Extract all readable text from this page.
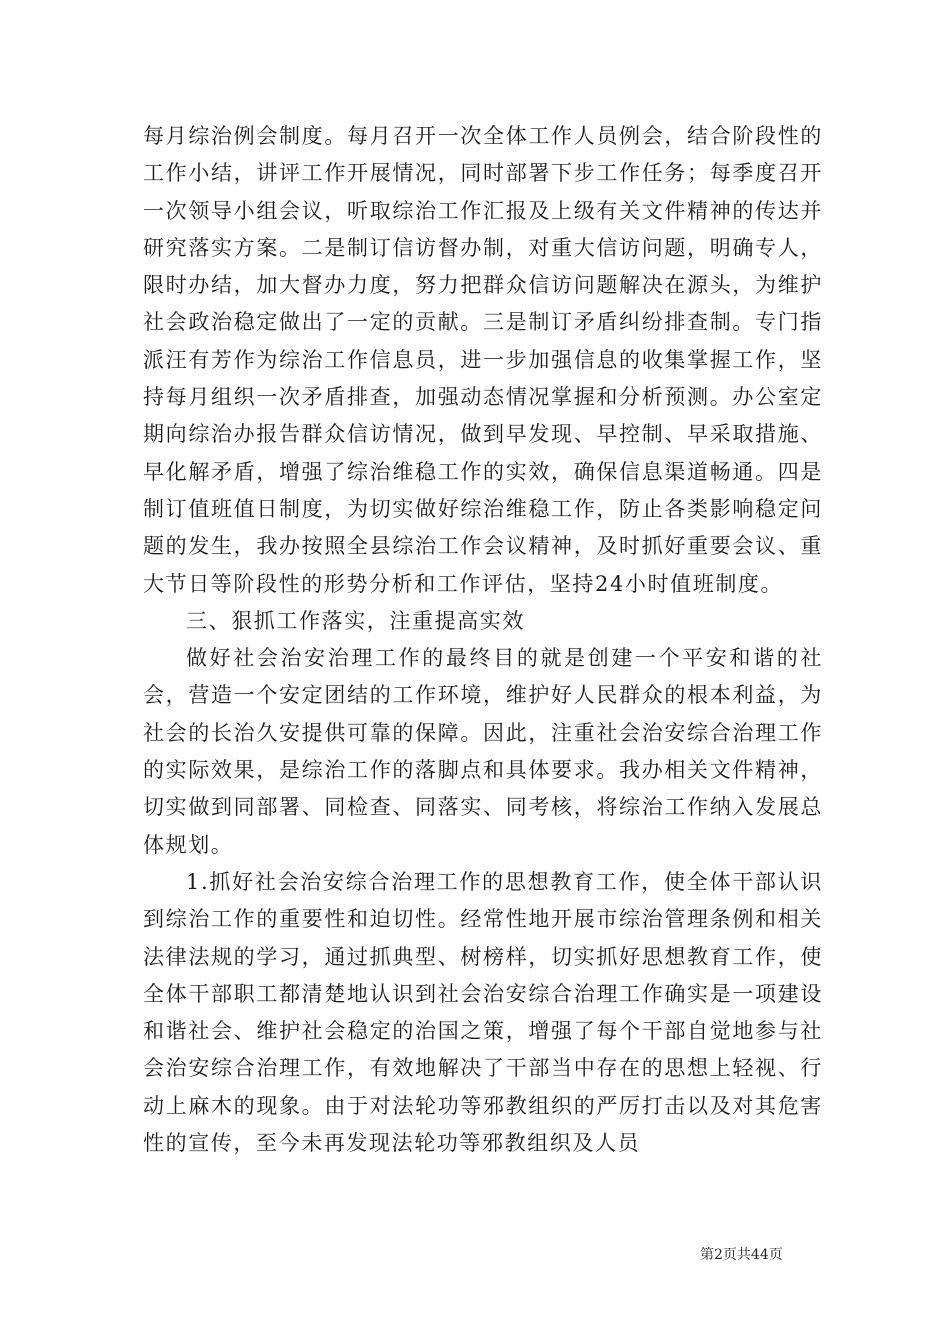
每月综治例会制度。每月召开一次全体工作人员例会，结合阶段性的工作小结，讲评工作开展情况，同时部署下步工作任务；每季度召开一次领导小组会议，听取综治工作汇报及上级有关文件精神的传达并研究落实方案。二是制订信访督办制，对重大信访问题，明确专人，限时办结，加大督办力度，努力把群众信访问题解决在源头，为维护社会政治稳定做出了一定的贡献。三是制订矛盾纠纷排查制。专门指派汪有芳作为综治工作信息员，进一步加强信息的收集掌握工作，坚持每月组织一次矛盾排查，加强动态情况掌握和分析预测。办公室定期向综治办报告群众信访情况，做到早发现、早控制、早采取措施、早化解矛盾，增强了综治维稳工作的实效，确保信息渠道畅通。四是制订值班值日制度，为切实做好综治维稳工作，防止各类影响稳定问题的发生，我办按照全县综治工作会议精神，及时抓好重要会议、重大节日等阶段性的形势分析和工作评估，坚持24小时值班制度。

三、狠抓工作落实，注重提高实效

做好社会治安治理工作的最终目的就是创建一个平安和谐的社会，营造一个安定团结的工作环境，维护好人民群众的根本利益，为社会的长治久安提供可靠的保障。因此，注重社会治安综合治理工作的实际效果，是综治工作的落脚点和具体要求。我办相关文件精神，切实做到同部署、同检查、同落实、同考核，将综治工作纳入发展总体规划。

1.抓好社会治安综合治理工作的思想教育工作，使全体干部认识到综治工作的重要性和迫切性。经常性地开展市综治管理条例和相关法律法规的学习，通过抓典型、树榜样，切实抓好思想教育工作，使全体干部职工都清楚地认识到社会治安综合治理工作确实是一项建设和谐社会、维护社会稳定的治国之策，增强了每个干部自觉地参与社会治安综合治理工作，有效地解决了干部当中存在的思想上轻视、行动上麻木的现象。由于对法轮功等邪教组织的严厉打击以及对其危害性的宣传，至今未再发现法轮功等邪教组织及人员

第2页共44页
